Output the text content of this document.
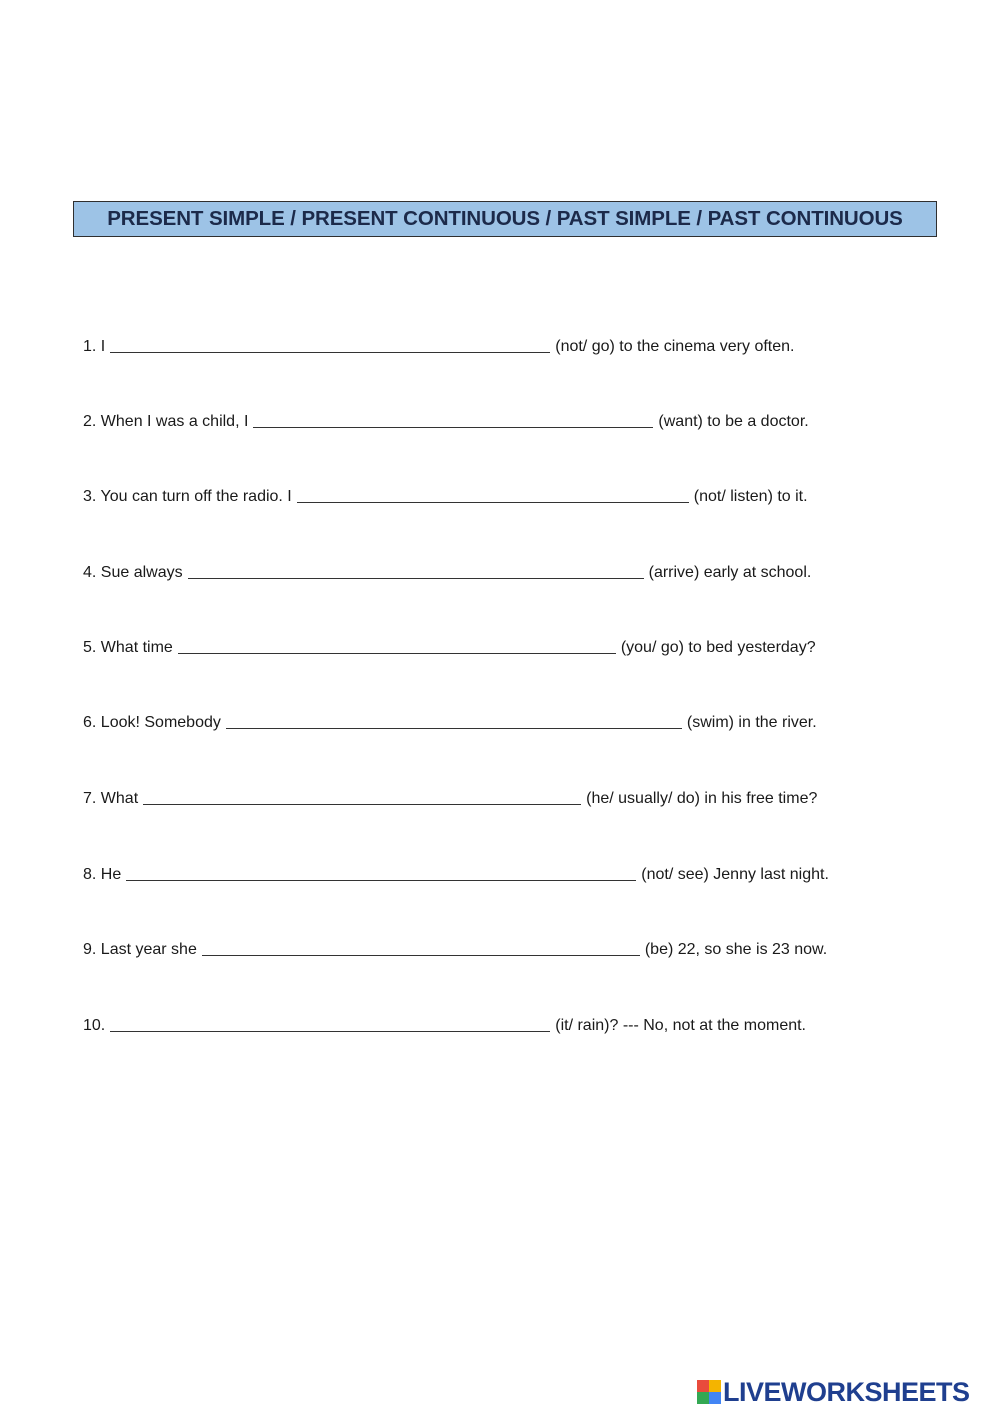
PRESENT SIMPLE / PRESENT CONTINUOUS / PAST SIMPLE / PAST CONTINUOUS
1. I	(not/ go) to the cinema very often.
2. When I was a child, I	(want) to be a doctor.
3. You can turn off the radio. I	(not/ listen) to it.
4. Sue always	(arrive) early at school.
5. What time	(you/ go) to bed yesterday?
6. Look! Somebody	(swim) in the river.
7. What	(he/ usually/ do) in his free time?
8. He	(not/ see) Jenny last night.
9. Last year she	(be) 22, so she is 23 now.
10.	(it/ rain)? --- No, not at the moment.
LIVEWORKSHEETS
